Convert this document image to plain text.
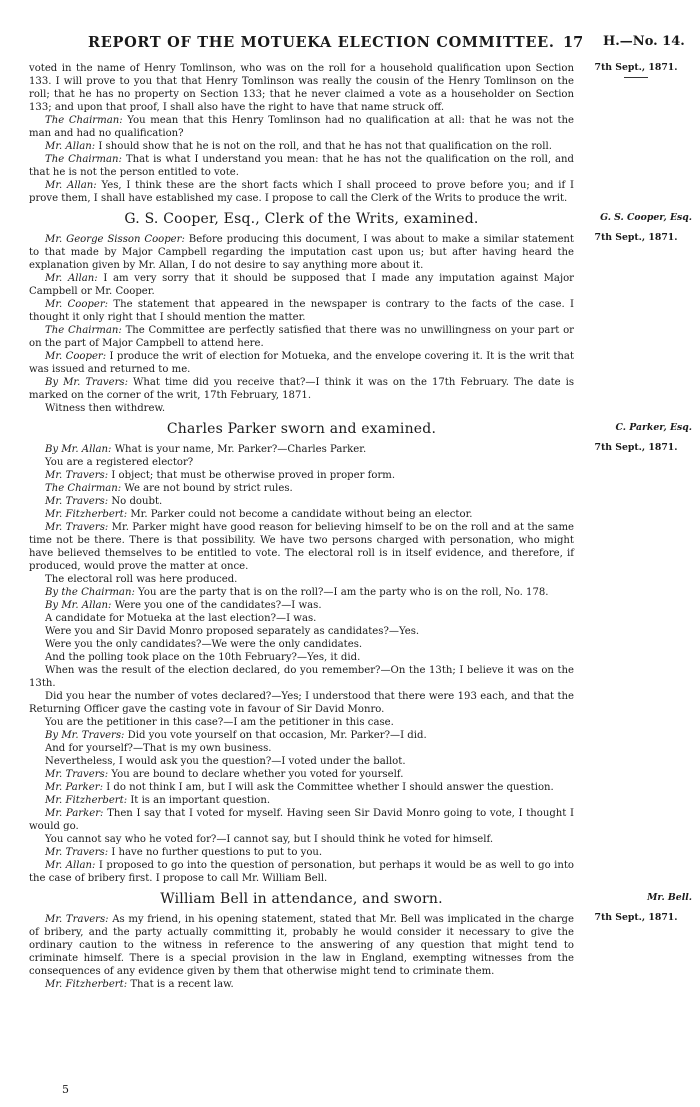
REPORT OF THE MOTUEKA ELECTION COMMITTEE. 17 H.—No. 14.

voted in the name of Henry Tomlinson, who was on the roll for a household qualification upon Section 133. I will prove to you that that Henry Tomlinson was really the cousin of the Henry Tomlinson on the roll; that he has no property on Section 133; that he never claimed a vote as a householder on Section 133; and upon that proof, I shall also have the right to have that name struck off.

The Chairman: You mean that this Henry Tomlinson had no qualification at all: that he was not the man and had no qualification?

Mr. Allan: I should show that he is not on the roll, and that he has not that qualification on the roll.

The Chairman: That is what I understand you mean: that he has not the qualification on the roll, and that he is not the person entitled to vote.

Mr. Allan: Yes, I think these are the short facts which I shall proceed to prove before you; and if I prove them, I shall have established my case. I propose to call the Clerk of the Writs to produce the writ.

G. S. Cooper, Esq., Clerk of the Writs, examined.

Mr. George Sisson Cooper: Before producing this document, I was about to make a similar statement to that made by Major Campbell regarding the imputation cast upon us; but after having heard the explanation given by Mr. Allan, I do not desire to say anything more about it.

Mr. Allan: I am very sorry that it should be supposed that I made any imputation against Major Campbell or Mr. Cooper.

Mr. Cooper: The statement that appeared in the newspaper is contrary to the facts of the case. I thought it only right that I should mention the matter.

The Chairman: The Committee are perfectly satisfied that there was no unwillingness on your part or on the part of Major Campbell to attend here.

Mr. Cooper: I produce the writ of election for Motueka, and the envelope covering it. It is the writ that was issued and returned to me.

By Mr. Travers: What time did you receive that?—I think it was on the 17th February. The date is marked on the corner of the writ, 17th February, 1871.

Witness then withdrew.

Charles Parker sworn and examined.

By Mr. Allan: What is your name, Mr. Parker?—Charles Parker.

You are a registered elector?

Mr. Travers: I object; that must be otherwise proved in proper form.

The Chairman: We are not bound by strict rules.

Mr. Travers: No doubt.

Mr. Fitzherbert: Mr. Parker could not become a candidate without being an elector.

Mr. Travers: Mr. Parker might have good reason for believing himself to be on the roll and at the same time not be there. There is that possibility. We have two persons charged with personation, who might have believed themselves to be entitled to vote. The electoral roll is in itself evidence, and therefore, if produced, would prove the matter at once.

The electoral roll was here produced.

By the Chairman: You are the party that is on the roll?—I am the party who is on the roll, No. 178.

By Mr. Allan: Were you one of the candidates?—I was.

A candidate for Motueka at the last election?—I was.

Were you and Sir David Monro proposed separately as candidates?—Yes.

Were you the only candidates?—We were the only candidates.

And the polling took place on the 10th February?—Yes, it did.

When was the result of the election declared, do you remember?—On the 13th; I believe it was on the 13th.

Did you hear the number of votes declared?—Yes; I understood that there were 193 each, and that the Returning Officer gave the casting vote in favour of Sir David Monro.

You are the petitioner in this case?—I am the petitioner in this case.

By Mr. Travers: Did you vote yourself on that occasion, Mr. Parker?—I did.

And for yourself?—That is my own business.

Nevertheless, I would ask you the question?—I voted under the ballot.

Mr. Travers: You are bound to declare whether you voted for yourself.

Mr. Parker: I do not think I am, but I will ask the Committee whether I should answer the question.

Mr. Fitzherbert: It is an important question.

Mr. Parker: Then I say that I voted for myself. Having seen Sir David Monro going to vote, I thought I would go.

You cannot say who he voted for?—I cannot say, but I should think he voted for himself.

Mr. Travers: I have no further questions to put to you.

Mr. Allan: I proposed to go into the question of personation, but perhaps it would be as well to go into the case of bribery first. I propose to call Mr. William Bell.

William Bell in attendance, and sworn.

Mr. Travers: As my friend, in his opening statement, stated that Mr. Bell was implicated in the charge of bribery, and the party actually committing it, probably he would consider it necessary to give the ordinary caution to the witness in reference to the answering of any question that might tend to criminate himself. There is a special provision in the law in England, exempting witnesses from the consequences of any evidence given by them that otherwise might tend to criminate them.

Mr. Fitzherbert: That is a recent law.

7th Sept., 1871.
G. S. Cooper, Esq.
7th Sept., 1871.
C. Parker, Esq.
7th Sept., 1871.
Mr. Bell.
7th Sept., 1871.
5
